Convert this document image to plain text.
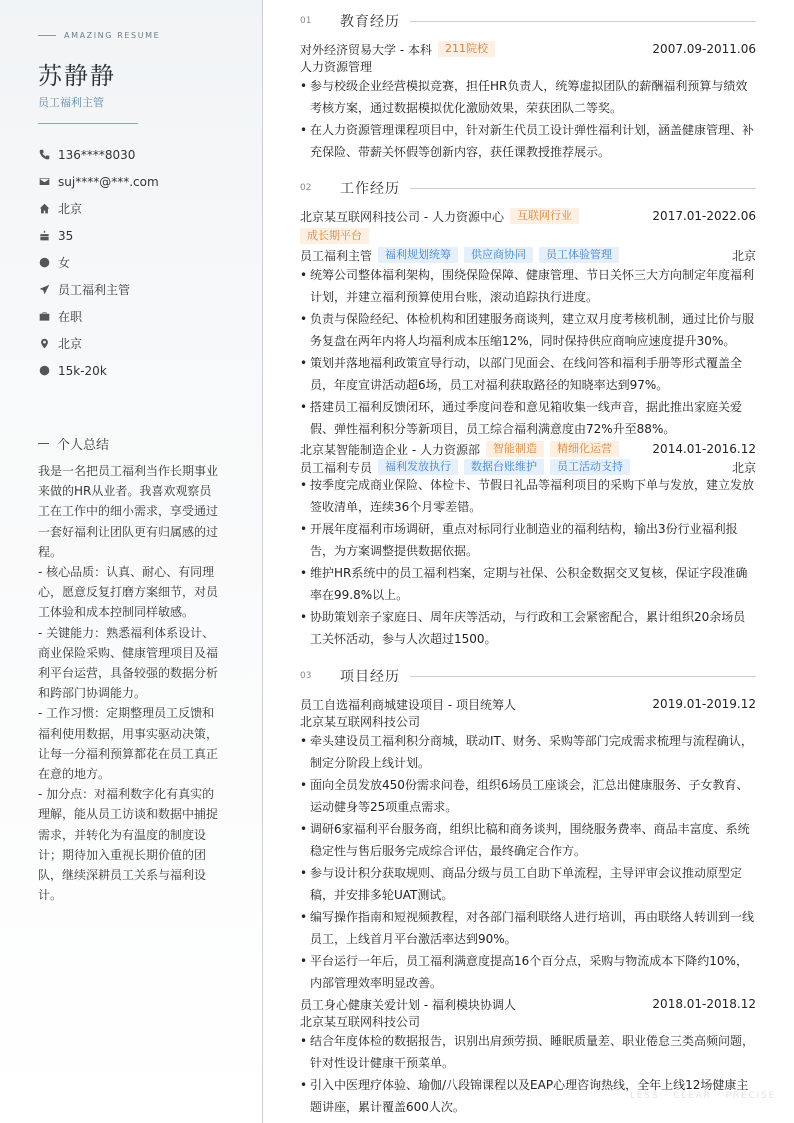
AMAZING RESUME
苏静静
员工福利主管
136****8030
suj****@***.com
北京
35
女
员工福利主管
在职
北京
15k-20k
个人总结

我是一名把员工福利当作长期事业来做的HR从业者。我喜欢观察员工在工作中的细小需求，享受通过一套好福利让团队更有归属感的过程。

- 核心品质：认真、耐心、有同理心，愿意反复打磨方案细节，对员工体验和成本控制同样敏感。

- 关键能力：熟悉福利体系设计、商业保险采购、健康管理项目及福利平台运营，具备较强的数据分析和跨部门协调能力。

- 工作习惯：定期整理员工反馈和福利使用数据，用事实驱动决策，让每一分福利预算都花在员工真正在意的地方。

- 加分点：对福利数字化有真实的理解，能从员工访谈和数据中捕捉需求，并转化为有温度的制度设计；期待加入重视长期价值的团队，继续深耕员工关系与福利设计。

01	教育经历
对外经济贸易大学 - 本科	211院校	2007.09-2011.06
人力资源管理
• 参与校级企业经营模拟竞赛，担任HR负责人，统筹虚拟团队的薪酬福利预算与绩效考核方案，通过数据模拟优化激励效果，荣获团队二等奖。
• 在人力资源管理课程项目中，针对新生代员工设计弹性福利计划，涵盖健康管理、补充保险、带薪关怀假等创新内容，获任课教授推荐展示。
02	工作经历
北京某互联网科技公司 - 人力资源中心	互联网行业	2017.01-2022.06
成长期平台
员工福利主管	福利规划统筹	供应商协同	员工体验管理	北京
• 统筹公司整体福利架构，围绕保险保障、健康管理、节日关怀三大方向制定年度福利计划，并建立福利预算使用台账，滚动追踪执行进度。
• 负责与保险经纪、体检机构和团建服务商谈判，建立双月度考核机制，通过比价与服务复盘在两年内将人均福利成本压缩12%，同时保持供应商响应速度提升30%。
• 策划并落地福利政策宣导行动，以部门见面会、在线问答和福利手册等形式覆盖全员，年度宣讲活动超6场，员工对福利获取路径的知晓率达到97%。
• 搭建员工福利反馈闭环，通过季度问卷和意见箱收集一线声音，据此推出家庭关爱假、弹性福利积分等新项目，员工综合福利满意度由72%升至88%。
北京某智能制造企业 - 人力资源部	智能制造	精细化运营	2014.01-2016.12
员工福利专员	福利发放执行	数据台账维护	员工活动支持	北京
• 按季度完成商业保险、体检卡、节假日礼品等福利项目的采购下单与发放，建立发放签收清单，连续36个月零差错。
• 开展年度福利市场调研，重点对标同行业制造业的福利结构，输出3份行业福利报告，为方案调整提供数据依据。
• 维护HR系统中的员工福利档案，定期与社保、公积金数据交叉复核，保证字段准确率在99.8%以上。
• 协助策划亲子家庭日、周年庆等活动，与行政和工会紧密配合，累计组织20余场员工关怀活动，参与人次超过1500。
03	项目经历
员工自选福利商城建设项目 - 项目统筹人	2019.01-2019.12
北京某互联网科技公司
• 牵头建设员工福利积分商城，联动IT、财务、采购等部门完成需求梳理与流程确认，制定分阶段上线计划。
• 面向全员发放450份需求问卷，组织6场员工座谈会，汇总出健康服务、子女教育、运动健身等25项重点需求。
• 调研6家福利平台服务商，组织比稿和商务谈判，围绕服务费率、商品丰富度、系统稳定性与售后服务完成综合评估，最终确定合作方。
• 参与设计积分获取规则、商品分级与员工自助下单流程，主导评审会议推动原型定稿，并安排多轮UAT测试。
• 编写操作指南和短视频教程，对各部门福利联络人进行培训，再由联络人转训到一线员工，上线首月平台激活率达到90%。
• 平台运行一年后，员工福利满意度提高16个百分点，采购与物流成本下降约10%，内部管理效率明显改善。
员工身心健康关爱计划 - 福利模块协调人	2018.01-2018.12
北京某互联网科技公司
• 结合年度体检的数据报告，识别出肩颈劳损、睡眠质量差、职业倦怠三类高频问题，针对性设计健康干预菜单。
• 引入中医理疗体验、瑜伽/八段锦课程以及EAP心理咨询热线，全年上线12场健康主题讲座，累计覆盖600人次。
LESS · CLEAR · PRECISE
